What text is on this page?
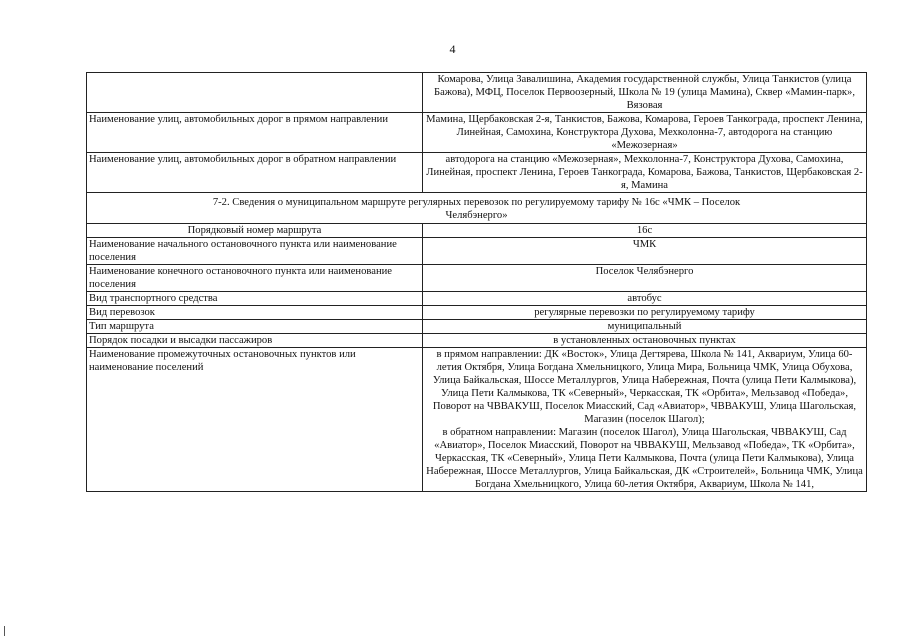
4
	Комарова, Улица Завалишина, Академия государственной службы, Улица Танкистов (улица Бажова), МФЦ, Поселок Первоозерный, Школа № 19 (улица Мамина), Сквер «Мамин-парк», Вязовая
Наименование улиц, автомобильных дорог в прямом направлении	Мамина, Щербаковская 2-я, Танкистов, Бажова, Комарова, Героев Танкограда, проспект Ленина, Линейная, Самохина, Конструктора Духова, Мехколонна-7, автодорога на станцию «Межозерная»
Наименование улиц, автомобильных дорог в обратном направлении	автодорога на станцию «Межозерная», Мехколонна-7, Конструктора Духова, Самохина, Линейная, проспект Ленина, Героев Танкограда, Комарова, Бажова, Танкистов, Щербаковская 2-я, Мамина
7-2. Сведения о муниципальном маршруте регулярных перевозок по регулируемому тарифу № 16с «ЧМК – Поселок Челябэнерго»	
Порядковый номер маршрута	16с
Наименование начального остановочного пункта или наименование поселения	ЧМК
Наименование конечного остановочного пункта или наименование поселения	Поселок Челябэнерго
Вид транспортного средства	автобус
Вид перевозок	регулярные перевозки по регулируемому тарифу
Тип маршрута	муниципальный
Порядок посадки и высадки пассажиров	в установленных остановочных пунктах
Наименование промежуточных остановочных пунктов или наименование поселений	в прямом направлении: ДК «Восток», Улица Дегтярева, Школа № 141, Аквариум, Улица 60-летия Октября, Улица Богдана Хмельницкого, Улица Мира, Больница ЧМК, Улица Обухова, Улица Байкальская, Шоссе Металлургов, Улица Набережная, Почта (улица Пети Калмыкова), Улица Пети Калмыкова, ТК «Северный», Черкасская, ТК «Орбита», Мельзавод «Победа», Поворот на ЧВВАКУШ, Поселок Миасский, Сад «Авиатор», ЧВВАКУШ, Улица Шагольская, Магазин (поселок Шагол);
в обратном направлении: Магазин (поселок Шагол), Улица Шагольская, ЧВВАКУШ, Сад «Авиатор», Поселок Миасский, Поворот на ЧВВАКУШ, Мельзавод «Победа», ТК «Орбита», Черкасская, ТК «Северный», Улица Пети Калмыкова, Почта (улица Пети Калмыкова), Улица Набережная, Шоссе Металлургов, Улица Байкальская, ДК «Строителей», Больница ЧМК, Улица Богдана Хмельницкого, Улица 60-летия Октября, Аквариум, Школа № 141,
